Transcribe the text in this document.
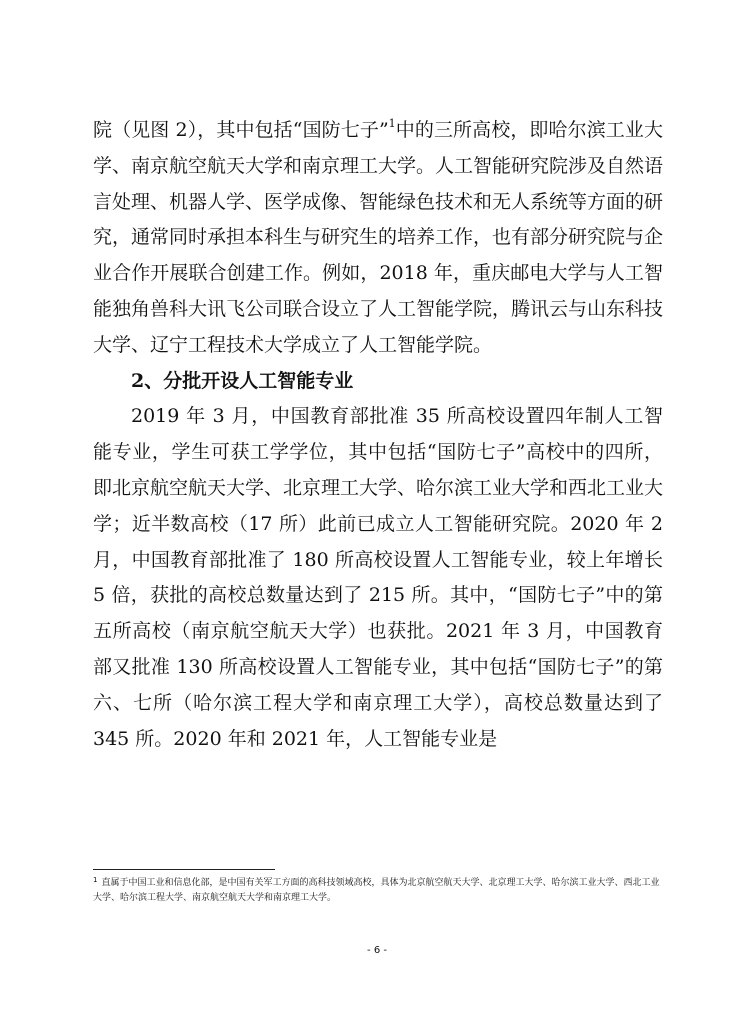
院（见图 2），其中包括“国防七子”$^1$中的三所高校，即哈尔滨工业大学、南京航空航天大学和南京理工大学。人工智能研究院涉及自然语言处理、机器人学、医学成像、智能绿色技术和无人系统等方面的研究，通常同时承担本科生与研究生的培养工作，也有部分研究院与企业合作开展联合创建工作。例如，2018 年，重庆邮电大学与人工智能独角兽科大讯飞公司联合设立了人工智能学院，腾讯云与山东科技大学、辽宁工程技术大学成立了人工智能学院。

2、分批开设人工智能专业

2019 年 3 月，中国教育部批准 35 所高校设置四年制人工智能专业，学生可获工学学位，其中包括“国防七子”高校中的四所，即北京航空航天大学、北京理工大学、哈尔滨工业大学和西北工业大学；近半数高校（17 所）此前已成立人工智能研究院。2020 年 2 月，中国教育部批准了 180 所高校设置人工智能专业，较上年增长 5 倍，获批的高校总数量达到了 215 所。其中，“国防七子”中的第五所高校（南京航空航天大学）也获批。2021 年 3 月，中国教育部又批准 130 所高校设置人工智能专业，其中包括“国防七子”的第六、七所（哈尔滨工程大学和南京理工大学），高校总数量达到了 345 所。2020 年和 2021 年，人工智能专业是

$^1$ 直属于中国工业和信息化部，是中国有关军工方面的高科技领域高校，具体为北京航空航天大学、北京理工大学、哈尔滨工业大学、西北工业大学、哈尔滨工程大学、南京航空航天大学和南京理工大学。
- 6 -
